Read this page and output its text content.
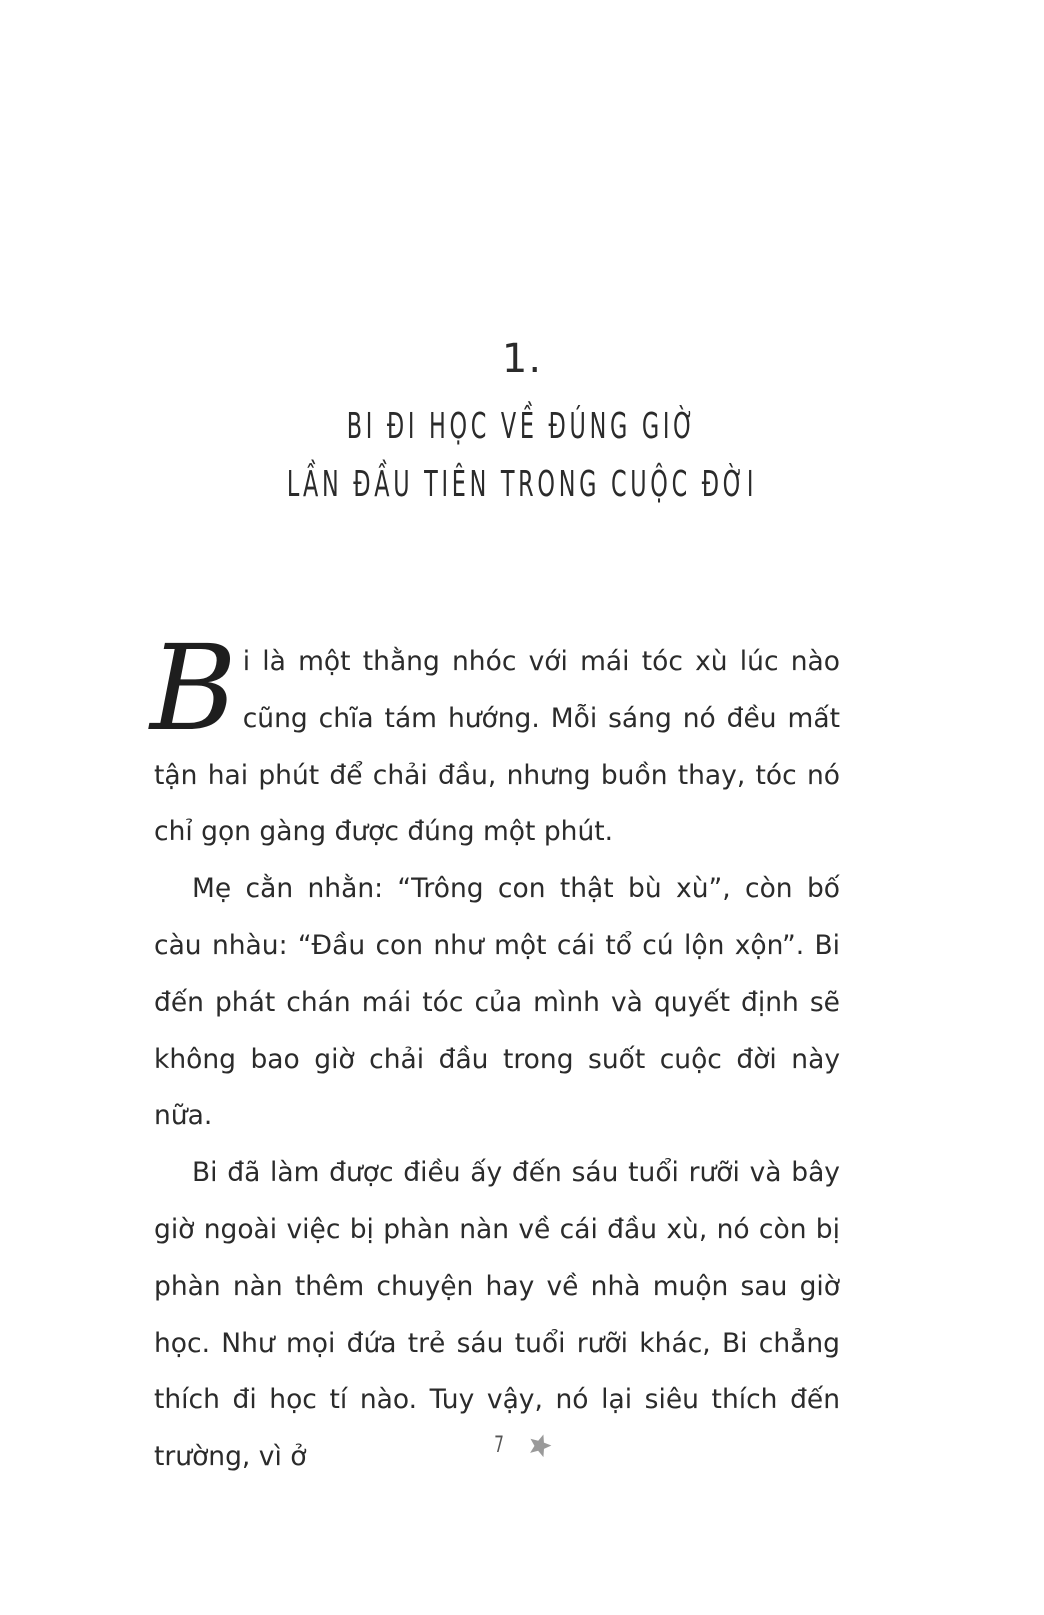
1.
BI ĐI HỌC VỀ ĐÚNG GIỜ
LẦN ĐẦU TIÊN TRONG CUỘC ĐỜI

Bi là một thằng nhóc với mái tóc xù lúc nào cũng chĩa tám hướng. Mỗi sáng nó đều mất tận hai phút để chải đầu, nhưng buồn thay, tóc nó chỉ gọn gàng được đúng một phút.

Mẹ cằn nhằn: “Trông con thật bù xù”, còn bố càu nhàu: “Đầu con như một cái tổ cú lộn xộn”. Bi đến phát chán mái tóc của mình và quyết định sẽ không bao giờ chải đầu trong suốt cuộc đời này nữa.

Bi đã làm được điều ấy đến sáu tuổi rưỡi và bây giờ ngoài việc bị phàn nàn về cái đầu xù, nó còn bị phàn nàn thêm chuyện hay về nhà muộn sau giờ học. Như mọi đứa trẻ sáu tuổi rưỡi khác, Bi chẳng thích đi học tí nào. Tuy vậy, nó lại siêu thích đến trường, vì ở	7
